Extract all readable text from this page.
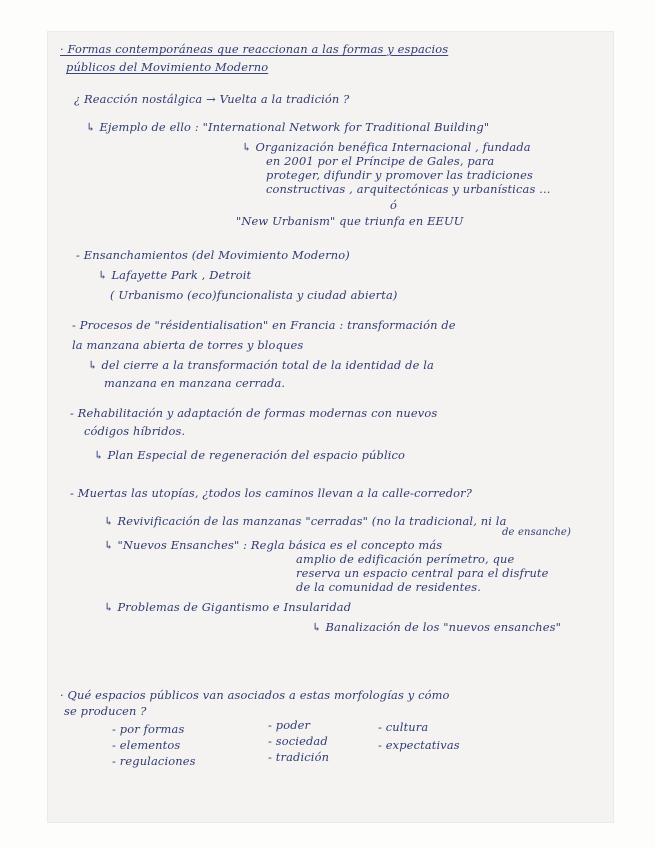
· Formas contemporáneas que reaccionan a las formas y espacios
públicos del Movimiento Moderno
¿ Reacción nostálgica → Vuelta a la tradición ?
↳ Ejemplo de ello : "International Network for Traditional Building"
↳ Organización benéfica Internacional , fundada
en 2001 por el Príncipe de Gales, para
proteger, difundir y promover las tradiciones
constructivas , arquitectónicas y urbanísticas ...
ó
"New Urbanism" que triunfa en EEUU
- Ensanchamientos (del Movimiento Moderno)
↳ Lafayette Park , Detroit
( Urbanismo (eco)funcionalista y ciudad abierta)
- Procesos de "résidentialisation" en Francia : transformación de
la manzana abierta de torres y bloques
↳ del cierre a la transformación total de la identidad de la
manzana en manzana cerrada.
- Rehabilitación y adaptación de formas modernas con nuevos
códigos híbridos.
↳ Plan Especial de regeneración del espacio público
- Muertas las utopías, ¿todos los caminos llevan a la calle-corredor?
↳ Revivificación de las manzanas "cerradas" (no la tradicional, ni la
de ensanche)
↳ "Nuevos Ensanches" : Regla básica es el concepto más
amplio de edificación perímetro, que
reserva un espacio central para el disfrute
de la comunidad de residentes.
↳ Problemas de Gigantismo e Insularidad
↳ Banalización de los "nuevos ensanches"
· Qué espacios públicos van asociados a estas morfologías y cómo
se producen ?
- por formas
- elementos
- regulaciones
- poder
- sociedad
- tradición
- cultura
- expectativas
